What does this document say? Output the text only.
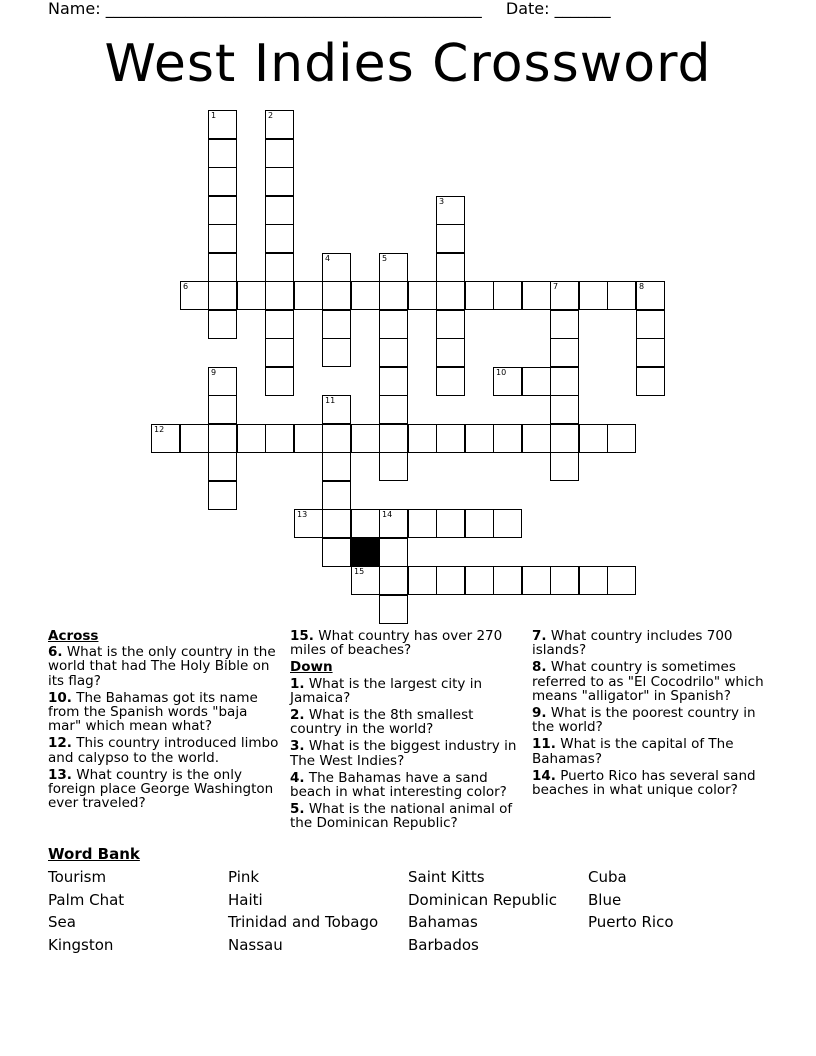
Name: _______________________________________________ Date: _______
West Indies Crossword
6	7	8
12
13	14
10
15
1	2
3
4	5
9
11
Across
6. What is the only country in the world that had The Holy Bible on its flag?
10. The Bahamas got its name from the Spanish words "baja mar" which mean what?
12. This country introduced limbo and calypso to the world.
13. What country is the only foreign place George Washington ever traveled?
15. What country has over 270 miles of beaches?
Down
1. What is the largest city in Jamaica?
2. What is the 8th smallest country in the world?
3. What is the biggest industry in The West Indies?
4. The Bahamas have a sand beach in what interesting color?
5. What is the national animal of the Dominican Republic?
7. What country includes 700 islands?
8. What country is sometimes referred to as "El Cocodrilo" which means "alligator" in Spanish?
9. What is the poorest country in the world?
11. What is the capital of The Bahamas?
14. Puerto Rico has several sand beaches in what unique color?
Word Bank
Tourism	Pink	Saint Kitts	Cuba
Palm Chat	Haiti	Dominican Republic	Blue
Sea	Trinidad and Tobago	Bahamas	Puerto Rico
Kingston	Nassau	Barbados
